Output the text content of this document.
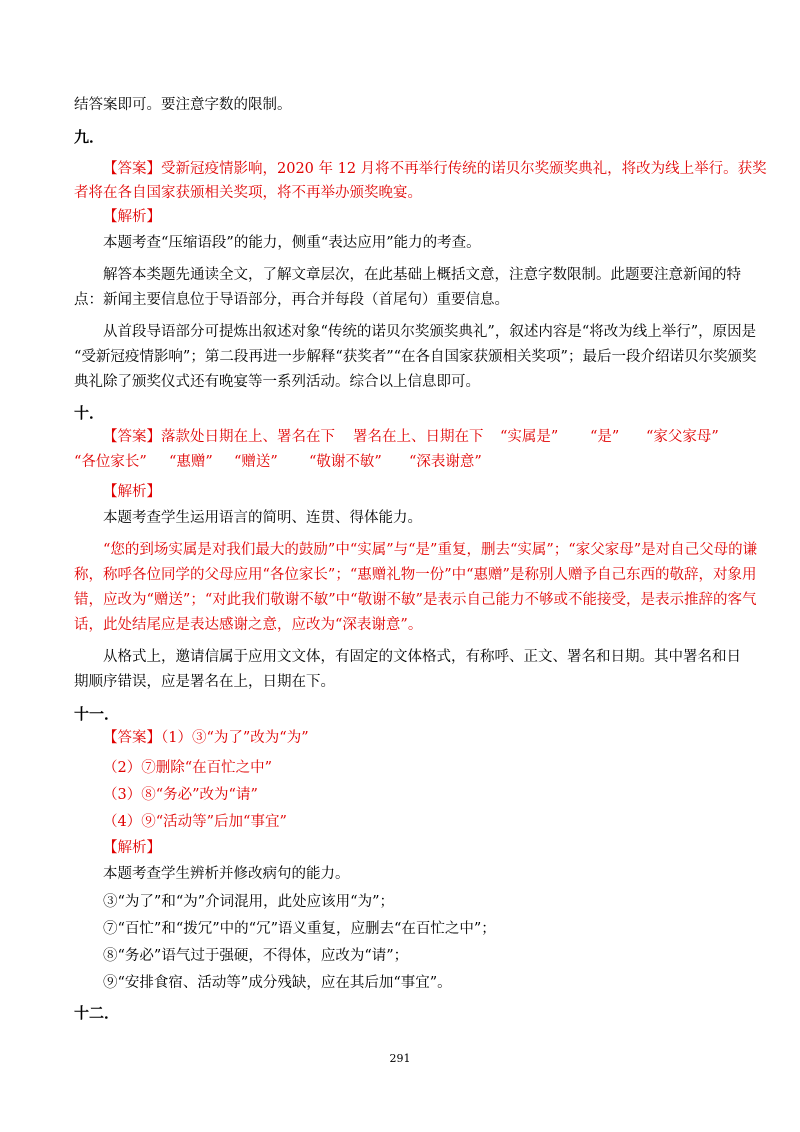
结答案即可。要注意字数的限制。
九．
【答案】受新冠疫情影响，2020 年 12 月将不再举行传统的诺贝尔奖颁奖典礼，将改为线上举行。获奖
者将在各自国家获颁相关奖项，将不再举办颁奖晚宴。
【解析】
本题考查“压缩语段”的能力，侧重“表达应用”能力的考查。
解答本类题先通读全文，了解文章层次，在此基础上概括文意，注意字数限制。此题要注意新闻的特
点：新闻主要信息位于导语部分，再合并每段（首尾句）重要信息。
从首段导语部分可提炼出叙述对象“传统的诺贝尔奖颁奖典礼”，叙述内容是“将改为线上举行”，原因是
“受新冠疫情影响”；第二段再进一步解释“获奖者”“在各自国家获颁相关奖项”；最后一段介绍诺贝尔奖颁奖
典礼除了颁奖仪式还有晚宴等一系列活动。综合以上信息即可。
十．
【答案】落款处日期在上、署名在下 署名在上、日期在下 “实属是” “是” “家父家母”
“各位家长” “惠赠” “赠送” “敬谢不敏” “深表谢意”
【解析】
本题考查学生运用语言的简明、连贯、得体能力。
“您的到场实属是对我们最大的鼓励”中“实属”与“是”重复，删去“实属”；“家父家母”是对自己父母的谦
称，称呼各位同学的父母应用“各位家长”；“惠赠礼物一份”中“惠赠”是称别人赠予自己东西的敬辞，对象用
错，应改为“赠送”；“对此我们敬谢不敏”中“敬谢不敏”是表示自己能力不够或不能接受，是表示推辞的客气
话，此处结尾应是表达感谢之意，应改为“深表谢意”。
从格式上，邀请信属于应用文文体，有固定的文体格式，有称呼、正文、署名和日期。其中署名和日
期顺序错误，应是署名在上，日期在下。
十一．
【答案】（1）③“为了”改为“为”
（2）⑦删除“在百忙之中”
（3）⑧“务必”改为“请”
（4）⑨“活动等”后加“事宜”
【解析】
本题考查学生辨析并修改病句的能力。
③“为了”和“为”介词混用，此处应该用“为”；
⑦“百忙”和“拨冗”中的“冗”语义重复，应删去“在百忙之中”；
⑧“务必”语气过于强硬，不得体，应改为“请”；
⑨“安排食宿、活动等”成分残缺，应在其后加“事宜”。
十二．
291
